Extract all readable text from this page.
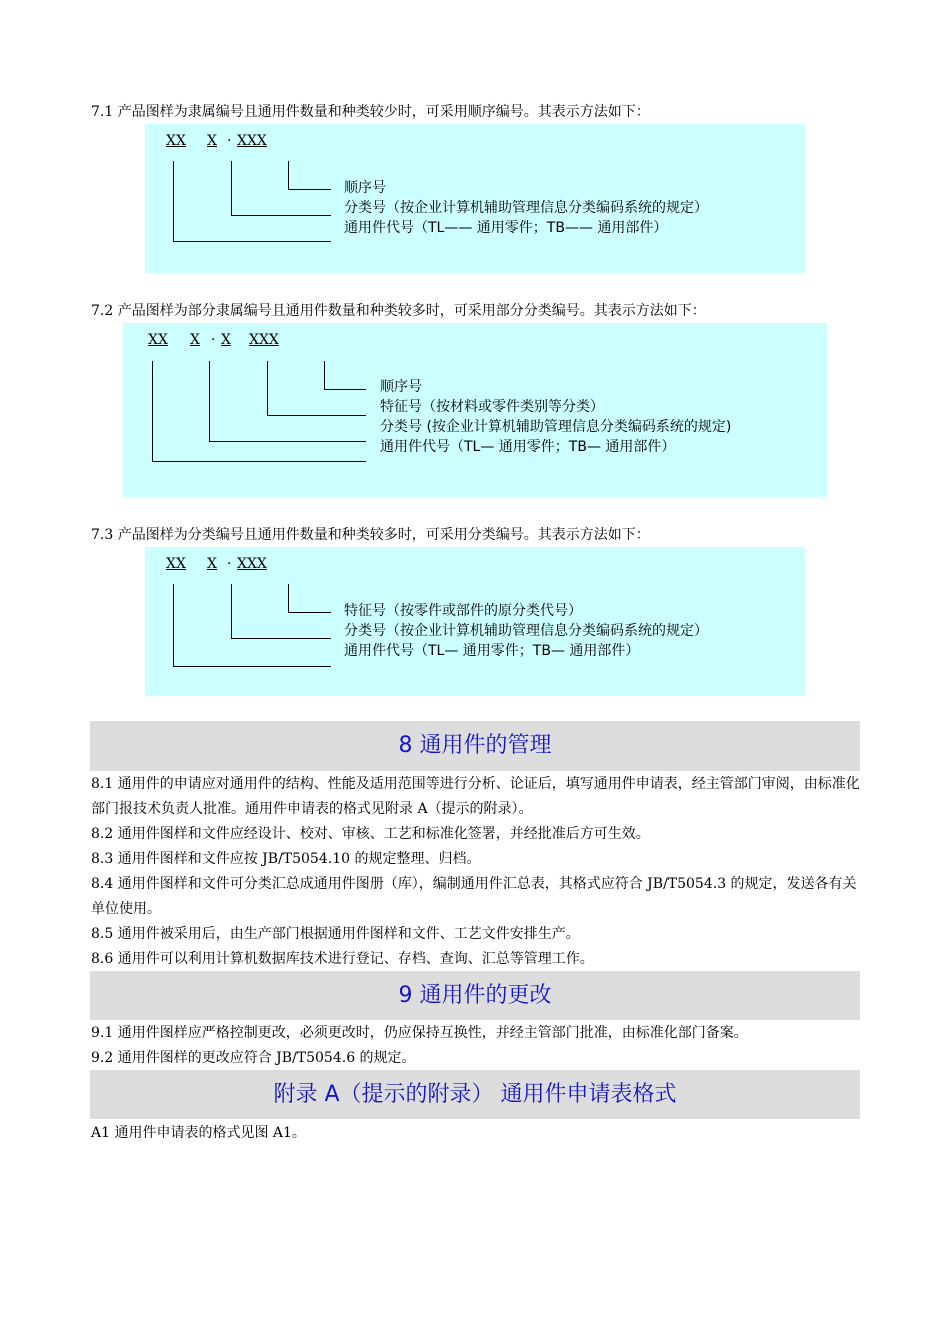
7.1 产品图样为隶属编号且通用件数量和种类较少时，可采用顺序编号。其表示方法如下：

XX X · XXX
顺序号
分类号（按企业计算机辅助管理信息分类编码系统的规定）
通用件代号（TL—— 通用零件；TB—— 通用部件）

7.2 产品图样为部分隶属编号且通用件数量和种类较多时，可采用部分分类编号。其表示方法如下：

XX X · X XXX
顺序号
特征号（按材料或零件类别等分类）
分类号 (按企业计算机辅助管理信息分类编码系统的规定)
通用件代号（TL— 通用零件；TB— 通用部件）

7.3 产品图样为分类编号且通用件数量和种类较多时，可采用分类编号。其表示方法如下：

XX X · XXX
特征号（按零件或部件的原分类代号）
分类号（按企业计算机辅助管理信息分类编码系统的规定）
通用件代号（TL— 通用零件；TB— 通用部件）
8 通用件的管理

8.1 通用件的申请应对通用件的结构、性能及适用范围等进行分析、论证后，填写通用件申请表，经主管部门审阅，由标准化部门报技术负责人批准。通用件申请表的格式见附录 A（提示的附录）。

8.2 通用件图样和文件应经设计、校对、审核、工艺和标准化签署，并经批准后方可生效。

8.3 通用件图样和文件应按 JB/T5054.10 的规定整理、归档。

8.4 通用件图样和文件可分类汇总成通用件图册（库），编制通用件汇总表，其格式应符合 JB/T5054.3 的规定，发送各有关单位使用。

8.5 通用件被采用后，由生产部门根据通用件图样和文件、工艺文件安排生产。

8.6 通用件可以利用计算机数据库技术进行登记、存档、查询、汇总等管理工作。

9 通用件的更改

9.1 通用件图样应严格控制更改，必须更改时，仍应保持互换性，并经主管部门批准，由标准化部门备案。

9.2 通用件图样的更改应符合 JB/T5054.6 的规定。

附录 A（提示的附录） 通用件申请表格式

A1 通用件申请表的格式见图 A1。
